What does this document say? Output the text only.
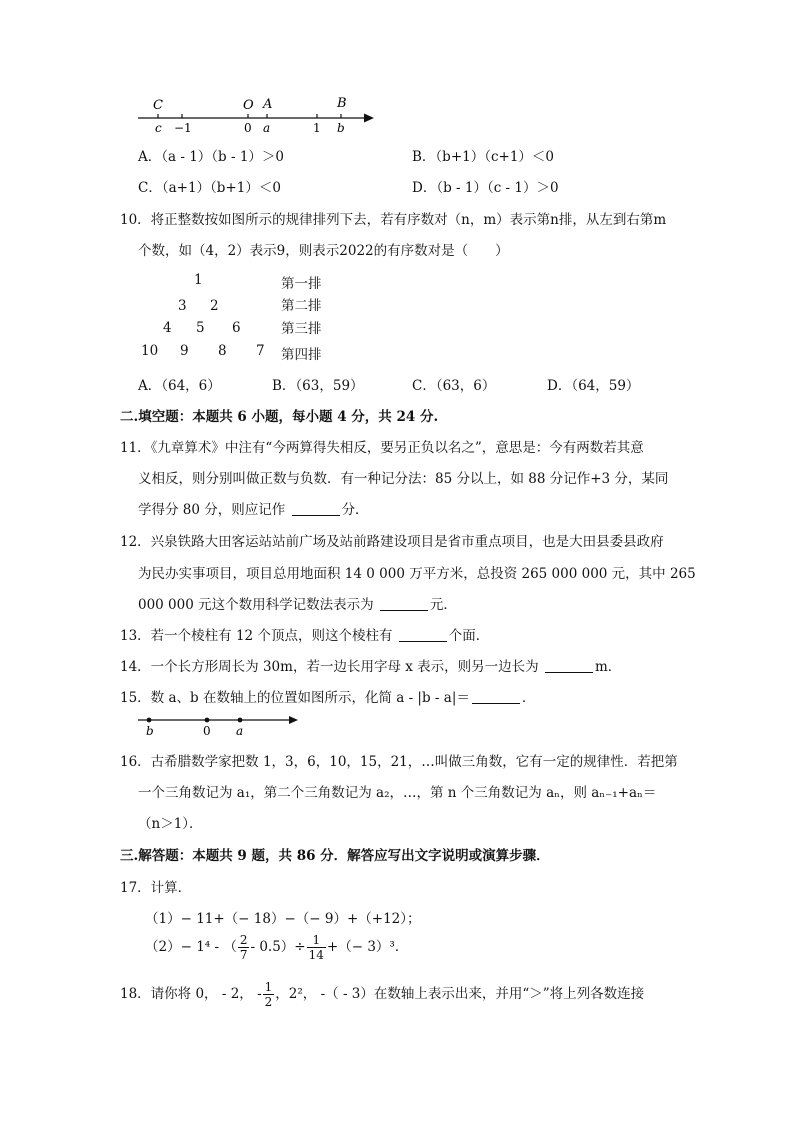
C	O A	B
c −1	0 a	1 b
A．（a - 1）（b - 1）＞0	B．（b+1）（c+1）＜0
C．（a+1）（b+1）＜0	D．（b - 1）（c - 1）＞0
10．将正整数按如图所示的规律排列下去，若有序数对（n，m）表示第n排，从左到右第m
个数，如（4，2）表示9，则表示2022的有序数对是（　　）
1
3 2
4 5 6
10 9 8 7
第一排
第二排
第三排
第四排
A．（64，6）	B．（63，59）	C．（63，6）	D．（64，59）
二.填空题：本题共 6 小题，每小题 4 分，共 24 分.
11．《九章算术》中注有“今两算得失相反，要另正负以名之”，意思是：今有两数若其意
义相反，则分别叫做正数与负数．有一种记分法：85 分以上，如 88 分记作+3 分，某同
学得分 80 分，则应记作	分．
12．兴泉铁路大田客运站站前广场及站前路建设项目是省市重点项目，也是大田县委县政府
为民办实事项目，项目总用地面积 14 0 000 万平方米，总投资 265 000 000 元，其中 265
000 000 元这个数用科学记数法表示为	元．
13．若一个棱柱有 12 个顶点，则这个棱柱有	个面．
14．一个长方形周长为 30m，若一边长用字母 x 表示，则另一边长为	m．
15．数 a、b 在数轴上的位置如图所示，化简 a - |b - a|＝	．
b	0 a
16．古希腊数学家把数 1，3，6，10，15，21，…叫做三角数，它有一定的规律性．若把第
一个三角数记为 a₁，第二个三角数记为 a₂，…，第 n 个三角数记为 aₙ，则 aₙ₋₁+aₙ＝
（n＞1）．
三.解答题：本题共 9 题，共 86 分．解答应写出文字说明或演算步骤．
17．计算．
（1）− 11+（− 18）−（− 9）+（+12）；
（2）− 1⁴ - （ $\frac{2}{7} - 0.5)\div \frac{1}{14}$ +（− 3）³．
18．请你将 0， - 2， - $\frac{1}{2}$ ，2²， -（ - 3）在数轴上表示出来，并用“＞”将上列各数连接
